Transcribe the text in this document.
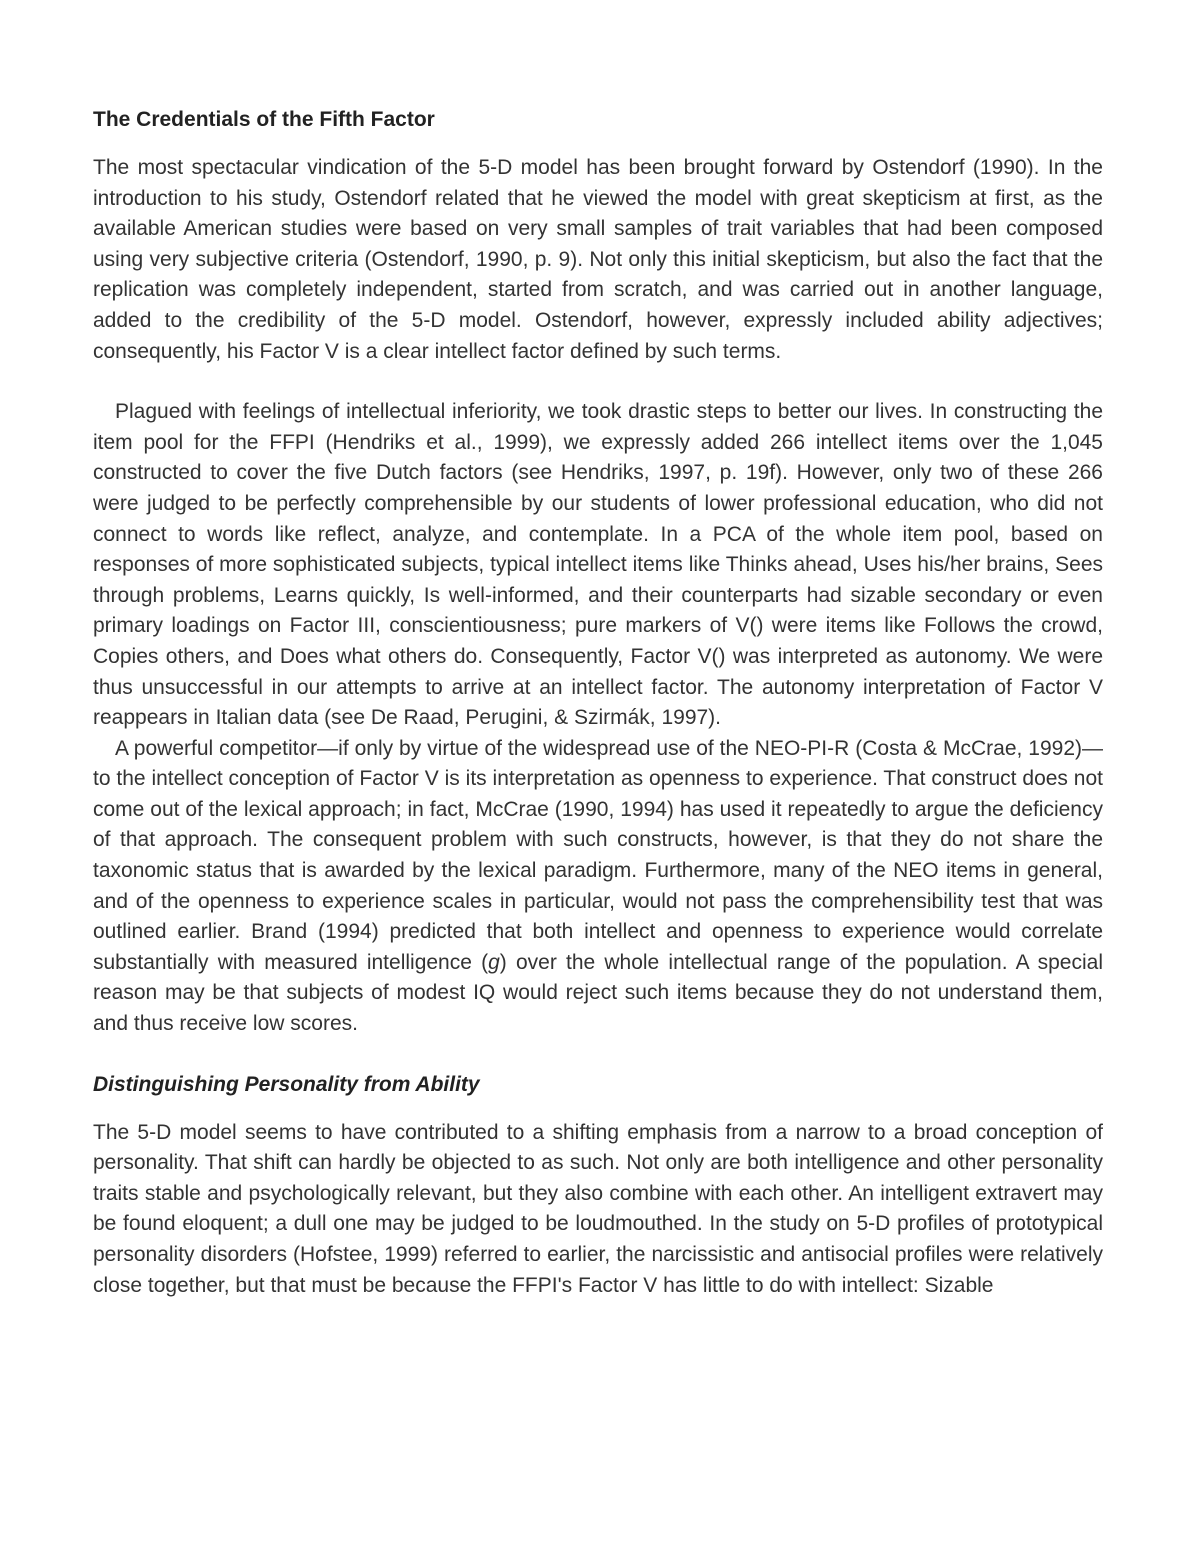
The Credentials of the Fifth Factor

The most spectacular vindication of the 5-D model has been brought forward by Ostendorf (1990). In the introduction to his study, Ostendorf related that he viewed the model with great skepticism at first, as the available American studies were based on very small samples of trait variables that had been composed using very subjective criteria (Ostendorf, 1990, p. 9). Not only this initial skepticism, but also the fact that the replication was completely independent, started from scratch, and was carried out in another language, added to the credibility of the 5-D model. Ostendorf, however, expressly included ability adjectives; consequently, his Factor V is a clear intellect factor defined by such terms.

Plagued with feelings of intellectual inferiority, we took drastic steps to better our lives. In constructing the item pool for the FFPI (Hendriks et al., 1999), we expressly added 266 intellect items over the 1,045 constructed to cover the five Dutch factors (see Hendriks, 1997, p. 19f). However, only two of these 266 were judged to be perfectly comprehensible by our students of lower professional education, who did not connect to words like reflect, analyze, and contemplate. In a PCA of the whole item pool, based on responses of more sophisticated subjects, typical intellect items like Thinks ahead, Uses his/her brains, Sees through problems, Learns quickly, Is well-informed, and their counterparts had sizable secondary or even primary loadings on Factor III, conscientiousness; pure markers of V() were items like Follows the crowd, Copies others, and Does what others do. Consequently, Factor V() was interpreted as autonomy. We were thus unsuccessful in our attempts to arrive at an intellect factor. The autonomy interpretation of Factor V reappears in Italian data (see De Raad, Perugini, & Szirmák, 1997).

A powerful competitor—if only by virtue of the widespread use of the NEO-PI-R (Costa & McCrae, 1992)—to the intellect conception of Factor V is its interpretation as openness to experience. That construct does not come out of the lexical approach; in fact, McCrae (1990, 1994) has used it repeatedly to argue the deficiency of that approach. The consequent problem with such constructs, however, is that they do not share the taxonomic status that is awarded by the lexical paradigm. Furthermore, many of the NEO items in general, and of the openness to experience scales in particular, would not pass the comprehensibility test that was outlined earlier. Brand (1994) predicted that both intellect and openness to experience would correlate substantially with measured intelligence (g) over the whole intellectual range of the population. A special reason may be that subjects of modest IQ would reject such items because they do not understand them, and thus receive low scores.

Distinguishing Personality from Ability

The 5-D model seems to have contributed to a shifting emphasis from a narrow to a broad conception of personality. That shift can hardly be objected to as such. Not only are both intelligence and other personality traits stable and psychologically relevant, but they also combine with each other. An intelligent extravert may be found eloquent; a dull one may be judged to be loudmouthed. In the study on 5-D profiles of prototypical personality disorders (Hofstee, 1999) referred to earlier, the narcissistic and antisocial profiles were relatively close together, but that must be because the FFPI's Factor V has little to do with intellect: Sizable
